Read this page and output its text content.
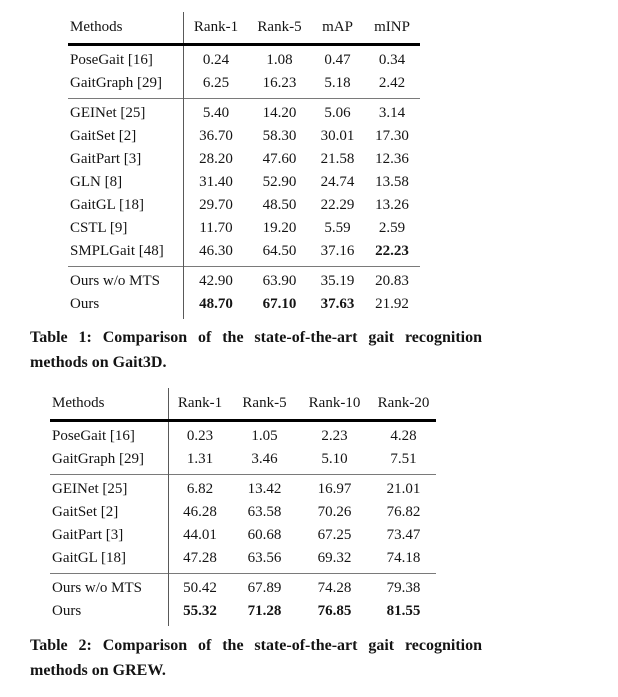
Methods	Rank-1	Rank-5	mAP	mINP
PoseGait [16]	0.24	1.08	0.47	0.34
GaitGraph [29]	6.25	16.23	5.18	2.42
GEINet [25]	5.40	14.20	5.06	3.14
GaitSet [2]	36.70	58.30	30.01	17.30
GaitPart [3]	28.20	47.60	21.58	12.36
GLN [8]	31.40	52.90	24.74	13.58
GaitGL [18]	29.70	48.50	22.29	13.26
CSTL [9]	11.70	19.20	5.59	2.59
SMPLGait [48]	46.30	64.50	37.16	22.23
Ours w/o MTS	42.90	63.90	35.19	20.83
Ours	48.70	67.10	37.63	21.92
Table 1: Comparison of the state-of-the-art gait recognition methods on Gait3D.
Methods	Rank-1	Rank-5	Rank-10	Rank-20
PoseGait [16]	0.23	1.05	2.23	4.28
GaitGraph [29]	1.31	3.46	5.10	7.51
GEINet [25]	6.82	13.42	16.97	21.01
GaitSet [2]	46.28	63.58	70.26	76.82
GaitPart [3]	44.01	60.68	67.25	73.47
GaitGL [18]	47.28	63.56	69.32	74.18
Ours w/o MTS	50.42	67.89	74.28	79.38
Ours	55.32	71.28	76.85	81.55
Table 2: Comparison of the state-of-the-art gait recognition methods on GREW.
